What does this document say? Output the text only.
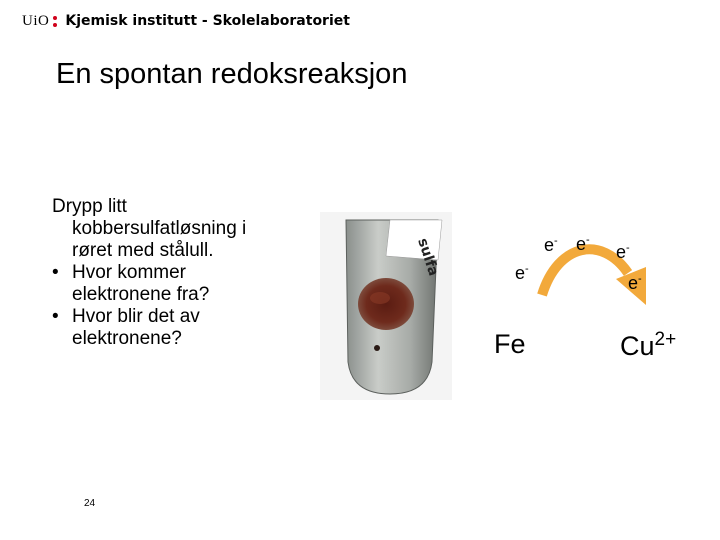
UiO Kjemisk institutt - Skolelaboratoriet
En spontan redoksreaksjon
Drypp litt
kobbersulfatløsning i
røret med stålull.
• Hvor kommer
elektronene fra?
• Hvor blir det av
elektronene?
sulfa	e-
e- e-
e-
e-
Fe	$Cu^{2+}$
24
